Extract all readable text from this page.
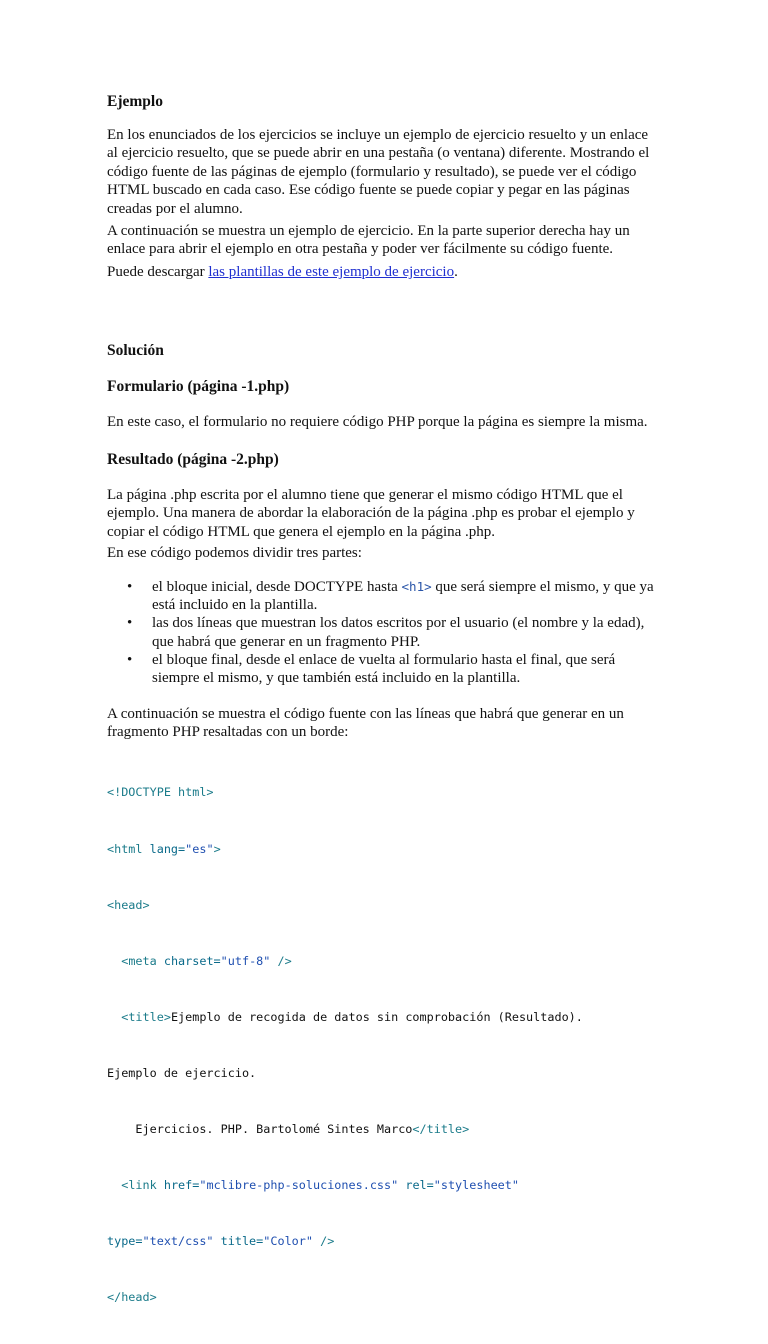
Ejemplo

En los enunciados de los ejercicios se incluye un ejemplo de ejercicio resuelto y un enlace al ejercicio resuelto, que se puede abrir en una pestaña (o ventana) diferente. Mostrando el código fuente de las páginas de ejemplo (formulario y resultado), se puede ver el código HTML buscado en cada caso. Ese código fuente se puede copiar y pegar en las páginas creadas por el alumno.

A continuación se muestra un ejemplo de ejercicio. En la parte superior derecha hay un enlace para abrir el ejemplo en otra pestaña y poder ver fácilmente su código fuente.

Puede descargar las plantillas de este ejemplo de ejercicio.

Solución
Formulario (página -1.php)

En este caso, el formulario no requiere código PHP porque la página es siempre la misma.

Resultado (página -2.php)

La página .php escrita por el alumno tiene que generar el mismo código HTML que el ejemplo. Una manera de abordar la elaboración de la página .php es probar el ejemplo y copiar el código HTML que genera el ejemplo en la página .php.

En ese código podemos dividir tres partes:

• el bloque inicial, desde DOCTYPE hasta <h1> que será siempre el mismo, y que ya está incluido en la plantilla.
• las dos líneas que muestran los datos escritos por el usuario (el nombre y la edad), que habrá que generar en un fragmento PHP.
• el bloque final, desde el enlace de vuelta al formulario hasta el final, que será siempre el mismo, y que también está incluido en la plantilla.

A continuación se muestra el código fuente con las líneas que habrá que generar en un fragmento PHP resaltadas con un borde:

<!DOCTYPE html>

<html lang="es">

<head>

<meta charset="utf-8" />

<title>Ejemplo de recogida de datos sin comprobación (Resultado).

Ejemplo de ejercicio.

Ejercicios. PHP. Bartolomé Sintes Marco</title>

<link href="mclibre-php-soluciones.css" rel="stylesheet"

type="text/css" title="Color" />

</head>
